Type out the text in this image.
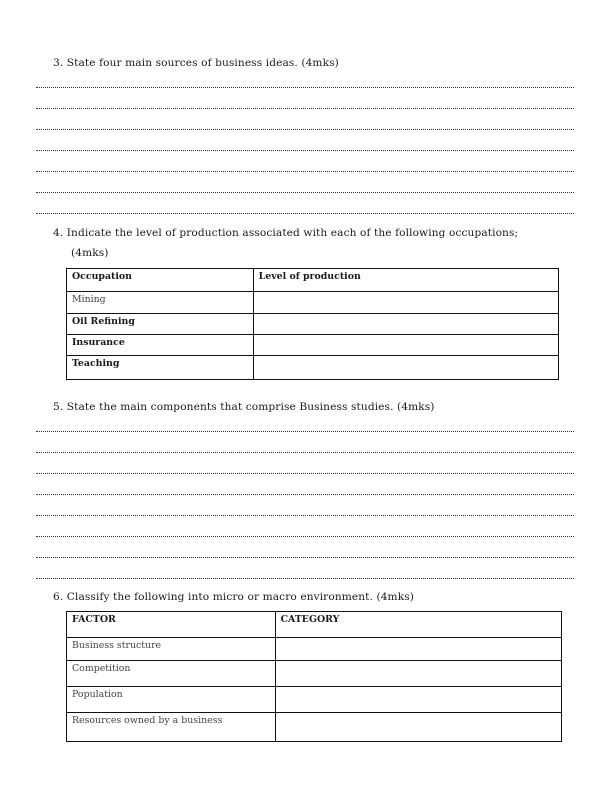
3. State four main sources of business ideas. (4mks)
4. Indicate the level of production associated with each of the following occupations;
(4mks)
Occupation	Level of production
Mining	
Oil Refining	
Insurance	
Teaching	
5. State the main components that comprise Business studies. (4mks)
6. Classify the following into micro or macro environment. (4mks)
FACTOR	CATEGORY
Business structure	
Competition	
Population	
Resources owned by a business	
